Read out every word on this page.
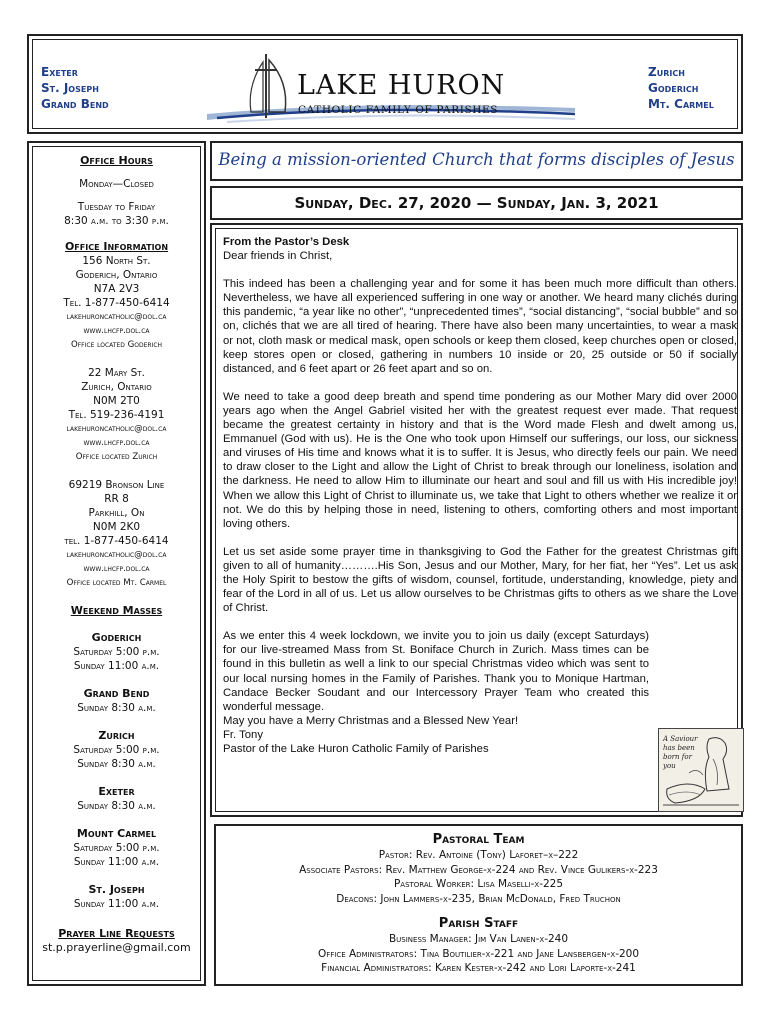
Exeter
St. Joseph
Grand Bend
LAKE HURON
CATHOLIC FAMILY OF PARISHES
Zurich
Goderich
Mt. Carmel
Office Hours
Monday—Closed
Tuesday to Friday
8:30 a.m. to 3:30 p.m.
Office Information
156 North St.
Goderich, Ontario
N7A 2V3
Tel. 1-877-450-6414
lakehuroncatholic@dol.ca
www.lhcfp.dol.ca
Office located Goderich
22 Mary St.
Zurich, Ontario
N0M 2T0
Tel. 519-236-4191
lakehuroncatholic@dol.ca
www.lhcfp.dol.ca
Office located Zurich
69219 Bronson Line
RR 8
Parkhill, On
N0M 2K0
tel. 1-877-450-6414
lakehuroncatholic@dol.ca
www.lhcfp.dol.ca
Office located Mt. Carmel
Weekend Masses
Goderich
Saturday 5:00 p.m.
Sunday 11:00 a.m.
Grand Bend
Sunday 8:30 a.m.
Zurich
Saturday 5:00 p.m.
Sunday 8:30 a.m.
Exeter
Sunday 8:30 a.m.
Mount Carmel
Saturday 5:00 p.m.
Sunday 11:00 a.m.
St. Joseph
Sunday 11:00 a.m.
Prayer Line Requests
st.p.prayerline@gmail.com
Being a mission-oriented Church that forms disciples of Jesus
Sunday, Dec. 27, 2020 — Sunday, Jan. 3, 2021
From the Pastor’s Desk

Dear friends in Christ,

This indeed has been a challenging year and for some it has been much more difficult than others. Nevertheless, we have all experienced suffering in one way or another. We heard many clichés during this pandemic, “a year like no other”, “unprecedented times”, “social distancing”, “social bubble” and so on, clichés that we are all tired of hearing. There have also been many uncertainties, to wear a mask or not, cloth mask or medical mask, open schools or keep them closed, keep churches open or closed, keep stores open or closed, gathering in numbers 10 inside or 20, 25 outside or 50 if socially distanced, and 6 feet apart or 26 feet apart and so on.

We need to take a good deep breath and spend time pondering as our Mother Mary did over 2000 years ago when the Angel Gabriel visited her with the greatest request ever made. That request became the greatest certainty in history and that is the Word made Flesh and dwelt among us, Emmanuel (God with us). He is the One who took upon Himself our sufferings, our loss, our sickness and viruses of His time and knows what it is to suffer. It is Jesus, who directly feels our pain. We need to draw closer to the Light and allow the Light of Christ to break through our loneliness, isolation and the darkness. He need to allow Him to illuminate our heart and soul and fill us with His incredible joy! When we allow this Light of Christ to illuminate us, we take that Light to others whether we realize it or not. We do this by helping those in need, listening to others, comforting others and most important loving others.

Let us set aside some prayer time in thanksgiving to God the Father for the greatest Christmas gift given to all of humanity……….His Son, Jesus and our Mother, Mary, for her fiat, her “Yes”. Let us ask the Holy Spirit to bestow the gifts of wisdom, counsel, fortitude, understanding, knowledge, piety and fear of the Lord in all of us. Let us allow ourselves to be Christmas gifts to others as we share the Love of Christ.

As we enter this 4 week lockdown, we invite you to join us daily (except Saturdays) for our live-streamed Mass from St. Boniface Church in Zurich. Mass times can be found in this bulletin as well a link to our special Christmas video which was sent to our local nursing homes in the Family of Parishes. Thank you to Monique Hartman, Candace Becker Soudant and our Intercessory Prayer Team who created this wonderful message.
May you have a Merry Christmas and a Blessed New Year!
Fr. Tony
Pastor of the Lake Huron Catholic Family of Parishes
A Saviour has been born for you
Pastoral Team
Pastor: Rev. Antoine (Tony) Laforet–x–222
Associate Pastors: Rev. Matthew George-x-224 and Rev. Vince Gulikers-x-223
Pastoral Worker: Lisa Maselli-x-225
Deacons: John Lammers-x-235, Brian McDonald, Fred Truchon
Parish Staff
Business Manager: Jim Van Lanen-x-240
Office Administrators: Tina Boutilier-x-221 and Jane Lansbergen-x-200
Financial Administrators: Karen Kester-x-242 and Lori Laporte-x-241
